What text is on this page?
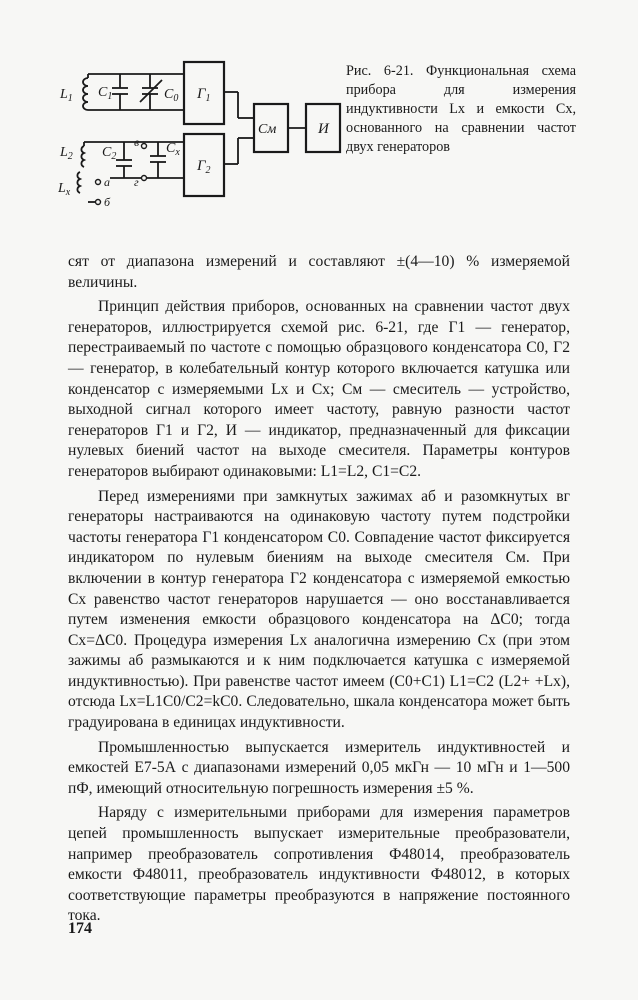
$Г_1$
$Г_2$
См	И
$L_1$ $C_1$	$C_0$
$L_2$ $C_2$
$L_x$
$C_x$
а
б
в
г
Рис. 6-21. Функциональная схема прибора для измерения индуктивности Lx и емкости Cx, основанного на сравнении частот двух генераторов

сят от диапазона измерений и составляют ±(4—10) % измеряемой величины.

Принцип действия приборов, основанных на сравнении частот двух генераторов, иллюстрируется схемой рис. 6-21, где Г1 — генератор, перестраиваемый по частоте с помощью образцового конденсатора C0, Г2 — генератор, в колебательный контур которого включается катушка или конденсатор с измеряемыми Lx и Cx; См — смеситель — устройство, выходной сигнал которого имеет частоту, равную разности частот генераторов Г1 и Г2, И — индикатор, предназначенный для фиксации нулевых биений частот на выходе смесителя. Параметры контуров генераторов выбирают одинаковыми: L1=L2, C1=C2.

Перед измерениями при замкнутых зажимах аб и разомкнутых вг генераторы настраиваются на одинаковую частоту путем подстройки частоты генератора Г1 конденсатором C0. Совпадение частот фиксируется индикатором по нулевым биениям на выходе смесителя См. При включении в контур генератора Г2 конденсатора с измеряемой емкостью Cx равенство частот генераторов нарушается — оно восстанавливается путем изменения емкости образцового конденсатора на ΔC0; тогда Cx=ΔC0. Процедура измерения Lx аналогична измерению Cx (при этом зажимы аб размыкаются и к ним подключается катушка с измеряемой индуктивностью). При равенстве частот имеем (C0+C1) L1=C2 (L2+ +Lx), отсюда Lx=L1C0/C2=kC0. Следовательно, шкала конденсатора может быть градуирована в единицах индуктивности.

Промышленностью выпускается измеритель индуктивностей и емкостей Е7-5А с диапазонами измерений 0,05 мкГн — 10 мГн и 1—500 пФ, имеющий относительную погрешность измерения ±5 %.

Наряду с измерительными приборами для измерения параметров цепей промышленность выпускает измерительные преобразователи, например преобразователь сопротивления Ф48014, преобразователь емкости Ф48011, преобразователь индуктивности Ф48012, в которых соответствующие параметры преобразуются в напряжение постоянного тока.

174
